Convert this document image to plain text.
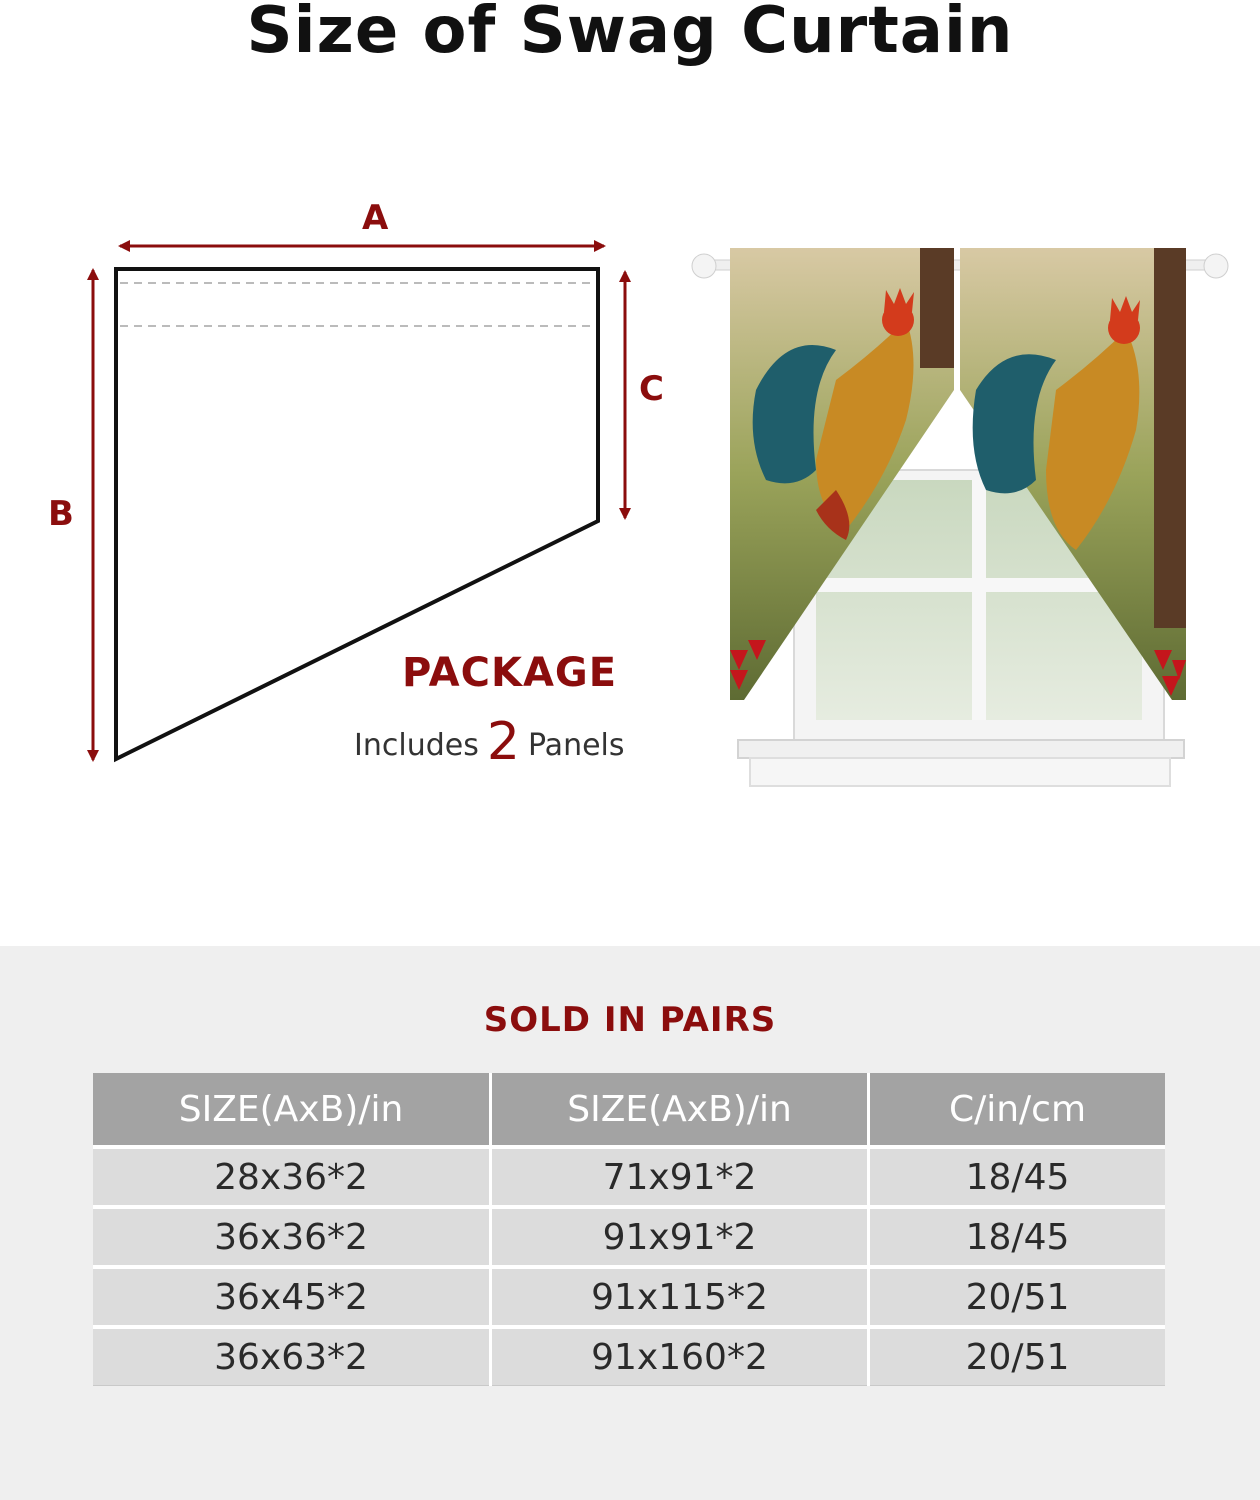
Size of Swag Curtain
A
B
C
PACKAGE
Includes 2 Panels
SOLD IN PAIRS
SIZE(AxB)/in	SIZE(AxB)/in	C/in/cm
28x36*2	71x91*2	18/45
36x36*2	91x91*2	18/45
36x45*2	91x115*2	20/51
36x63*2	91x160*2	20/51
